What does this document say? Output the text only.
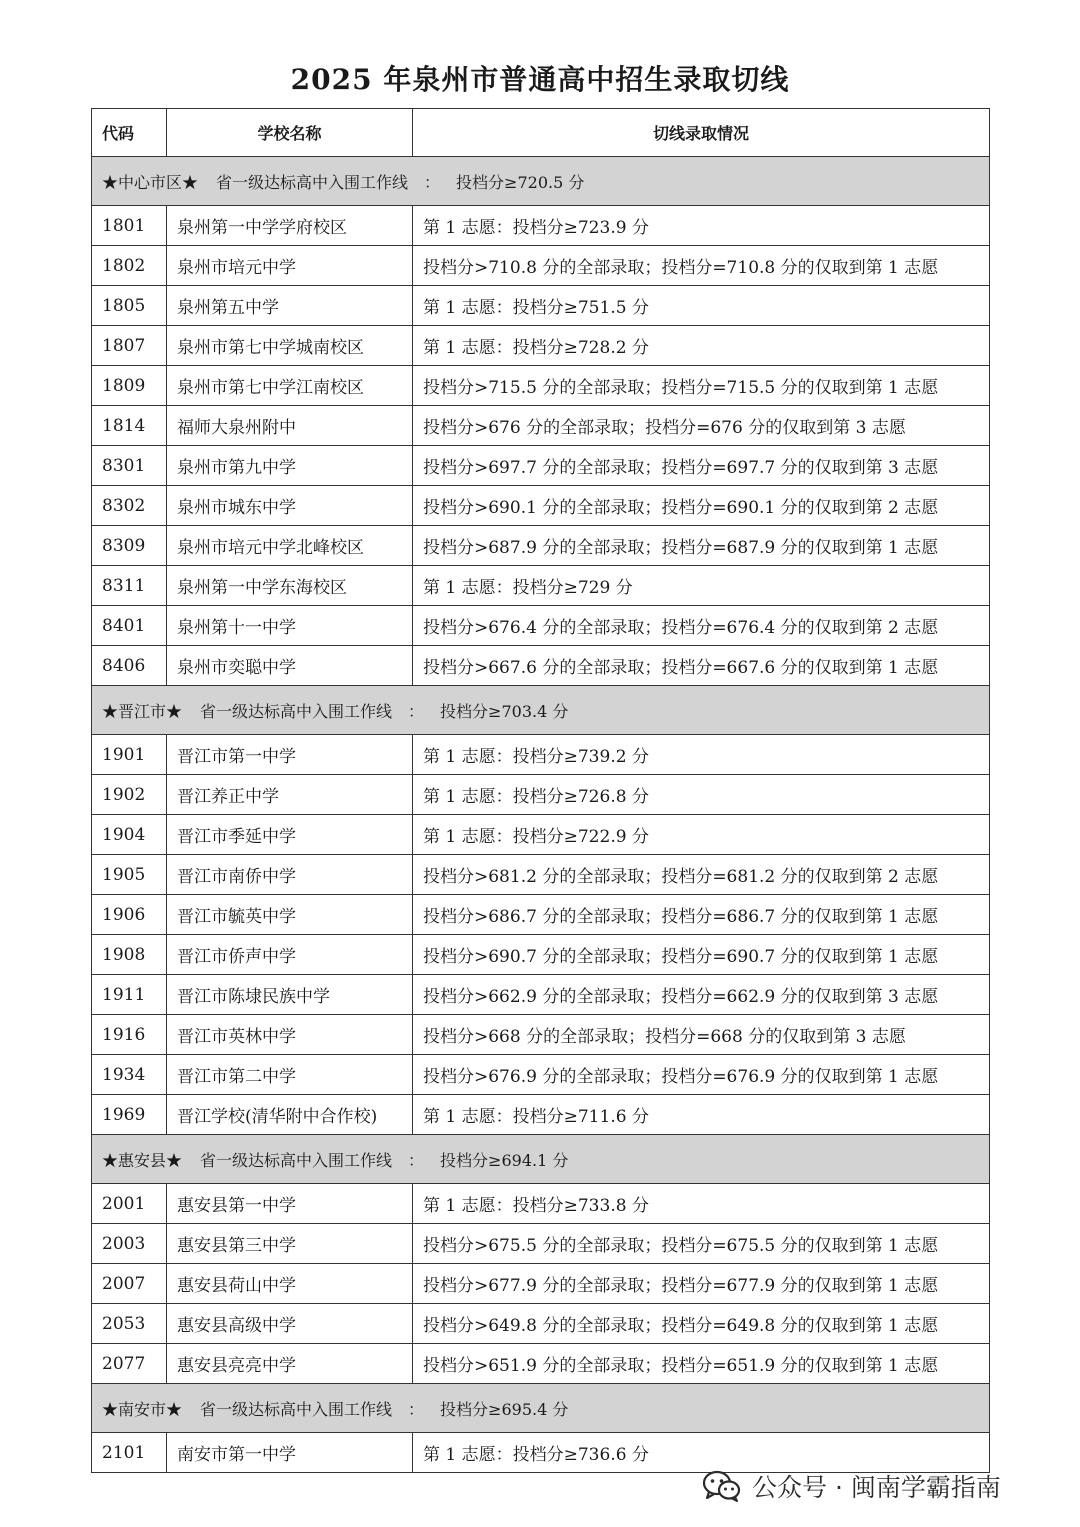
2025 年泉州市普通高中招生录取切线
代码	学校名称	切线录取情况
★中心市区★ 省一级达标高中入围工作线 ： 投档分≥720.5 分		
1801	泉州第一中学学府校区	第 1 志愿：投档分≥723.9 分
1802	泉州市培元中学	投档分>710.8 分的全部录取；投档分=710.8 分的仅取到第 1 志愿
1805	泉州第五中学	第 1 志愿：投档分≥751.5 分
1807	泉州市第七中学城南校区	第 1 志愿：投档分≥728.2 分
1809	泉州市第七中学江南校区	投档分>715.5 分的全部录取；投档分=715.5 分的仅取到第 1 志愿
1814	福师大泉州附中	投档分>676 分的全部录取；投档分=676 分的仅取到第 3 志愿
8301	泉州市第九中学	投档分>697.7 分的全部录取；投档分=697.7 分的仅取到第 3 志愿
8302	泉州市城东中学	投档分>690.1 分的全部录取；投档分=690.1 分的仅取到第 2 志愿
8309	泉州市培元中学北峰校区	投档分>687.9 分的全部录取；投档分=687.9 分的仅取到第 1 志愿
8311	泉州第一中学东海校区	第 1 志愿：投档分≥729 分
8401	泉州第十一中学	投档分>676.4 分的全部录取；投档分=676.4 分的仅取到第 2 志愿
8406	泉州市奕聪中学	投档分>667.6 分的全部录取；投档分=667.6 分的仅取到第 1 志愿
★晋江市★ 省一级达标高中入围工作线 ： 投档分≥703.4 分		
1901	晋江市第一中学	第 1 志愿：投档分≥739.2 分
1902	晋江养正中学	第 1 志愿：投档分≥726.8 分
1904	晋江市季延中学	第 1 志愿：投档分≥722.9 分
1905	晋江市南侨中学	投档分>681.2 分的全部录取；投档分=681.2 分的仅取到第 2 志愿
1906	晋江市毓英中学	投档分>686.7 分的全部录取；投档分=686.7 分的仅取到第 1 志愿
1908	晋江市侨声中学	投档分>690.7 分的全部录取；投档分=690.7 分的仅取到第 1 志愿
1911	晋江市陈埭民族中学	投档分>662.9 分的全部录取；投档分=662.9 分的仅取到第 3 志愿
1916	晋江市英林中学	投档分>668 分的全部录取；投档分=668 分的仅取到第 3 志愿
1934	晋江市第二中学	投档分>676.9 分的全部录取；投档分=676.9 分的仅取到第 1 志愿
1969	晋江学校(清华附中合作校)	第 1 志愿：投档分≥711.6 分
★惠安县★ 省一级达标高中入围工作线 ： 投档分≥694.1 分		
2001	惠安县第一中学	第 1 志愿：投档分≥733.8 分
2003	惠安县第三中学	投档分>675.5 分的全部录取；投档分=675.5 分的仅取到第 1 志愿
2007	惠安县荷山中学	投档分>677.9 分的全部录取；投档分=677.9 分的仅取到第 1 志愿
2053	惠安县高级中学	投档分>649.8 分的全部录取；投档分=649.8 分的仅取到第 1 志愿
2077	惠安县亮亮中学	投档分>651.9 分的全部录取；投档分=651.9 分的仅取到第 1 志愿
★南安市★ 省一级达标高中入围工作线 ： 投档分≥695.4 分		
2101	南安市第一中学	第 1 志愿：投档分≥736.6 分
公众号 · 闽南学霸指南
